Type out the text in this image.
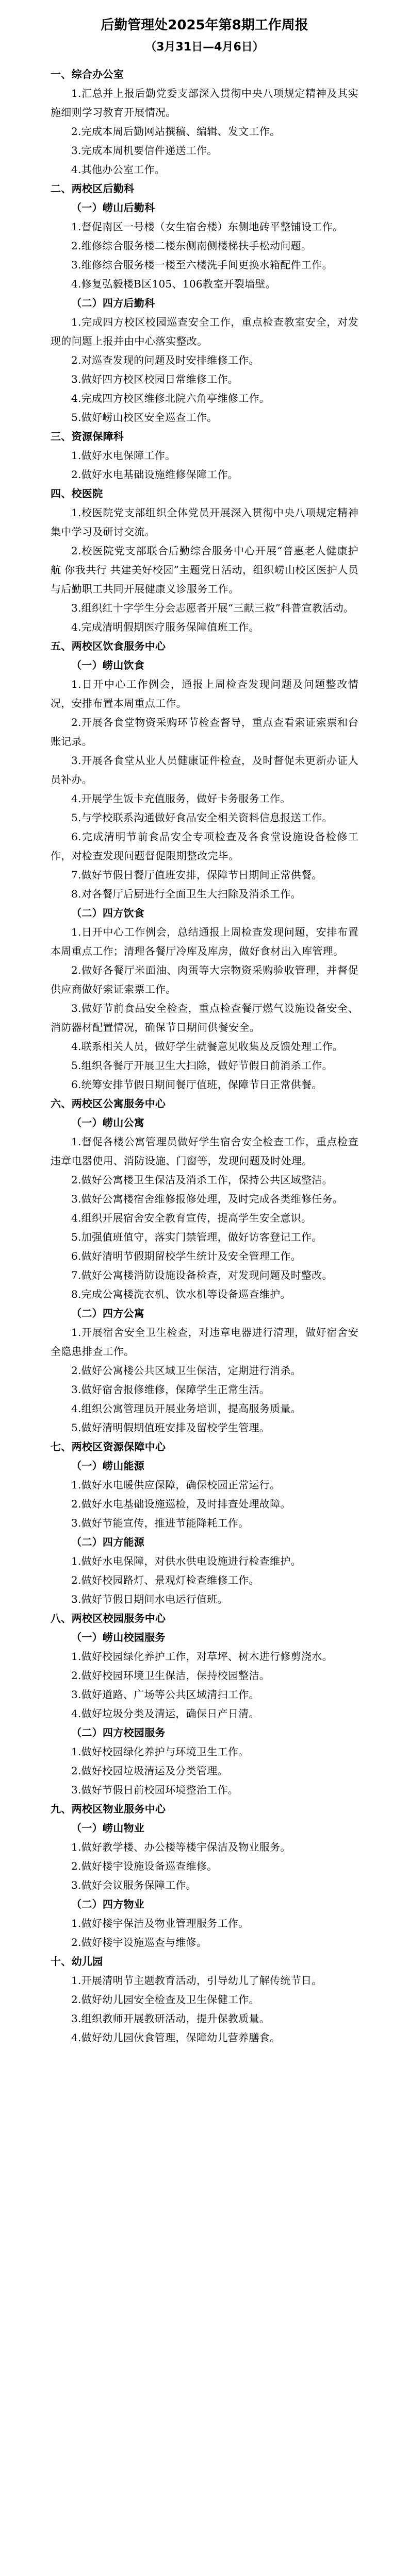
后勤管理处2025年第8期工作周报
（3月31日—4月6日）

一、综合办公室

1.汇总并上报后勤党委支部深入贯彻中央八项规定精神及其实施细则学习教育开展情况。

2.完成本周后勤网站撰稿、编辑、发文工作。

3.完成本周机要信件递送工作。

4.其他办公室工作。

二、两校区后勤科

（一）崂山后勤科

1.督促南区一号楼（女生宿舍楼）东侧地砖平整铺设工作。

2.维修综合服务楼二楼东侧南侧楼梯扶手松动问题。

3.维修综合服务楼一楼至六楼洗手间更换水箱配件工作。

4.修复弘毅楼B区105、106教室开裂墙壁。

（二）四方后勤科

1.完成四方校区校园巡查安全工作，重点检查教室安全，对发现的问题上报并由中心落实整改。

2.对巡查发现的问题及时安排维修工作。

3.做好四方校区校园日常维修工作。

4.完成四方校区维修北院六角亭维修工作。

5.做好崂山校区安全巡查工作。

三、资源保障科

1.做好水电保障工作。

2.做好水电基础设施维修保障工作。

四、校医院

1.校医院党支部组织全体党员开展深入贯彻中央八项规定精神集中学习及研讨交流。

2.校医院党支部联合后勤综合服务中心开展“普惠老人健康护航 你我共行 共建美好校园”主题党日活动，组织崂山校区医护人员与后勤职工共同开展健康义诊服务工作。

3.组织红十字学生分会志愿者开展“三献三救”科普宣教活动。

4.完成清明假期医疗服务保障值班工作。

五、两校区饮食服务中心

（一）崂山饮食

1.日开中心工作例会，通报上周检查发现问题及问题整改情况，安排布置本周重点工作。

2.开展各食堂物资采购环节检查督导，重点查看索证索票和台账记录。

3.开展各食堂从业人员健康证件检查，及时督促未更新办证人员补办。

4.开展学生饭卡充值服务，做好卡务服务工作。

5.与学校联系沟通做好食品安全相关资料信息报送工作。

6.完成清明节前食品安全专项检查及各食堂设施设备检修工作，对检查发现问题督促限期整改完毕。

7.做好节假日餐厅值班安排，保障节日期间正常供餐。

8.对各餐厅后厨进行全面卫生大扫除及消杀工作。

（二）四方饮食

1.日开中心工作例会，总结通报上周检查发现问题，安排布置本周重点工作；清理各餐厅冷库及库房，做好食材出入库管理。

2.做好各餐厅米面油、肉蛋等大宗物资采购验收管理，并督促供应商做好索证索票工作。

3.做好节前食品安全检查，重点检查餐厅燃气设施设备安全、消防器材配置情况，确保节日期间供餐安全。

4.联系相关人员，做好学生就餐意见收集及反馈处理工作。

5.组织各餐厅开展卫生大扫除，做好节假日前消杀工作。

6.统筹安排节假日期间餐厅值班，保障节日正常供餐。

六、两校区公寓服务中心

（一）崂山公寓

1.督促各楼公寓管理员做好学生宿舍安全检查工作，重点检查违章电器使用、消防设施、门窗等，发现问题及时处理。

2.做好公寓楼卫生保洁及消杀工作，保持公共区域整洁。

3.做好公寓楼宿舍维修报修处理，及时完成各类维修任务。

4.组织开展宿舍安全教育宣传，提高学生安全意识。

5.加强值班值守，落实门禁管理，做好访客登记工作。

6.做好清明节假期留校学生统计及安全管理工作。

7.做好公寓楼消防设施设备检查，对发现问题及时整改。

8.完成公寓楼洗衣机、饮水机等设备巡查维护。

（二）四方公寓

1.开展宿舍安全卫生检查，对违章电器进行清理，做好宿舍安全隐患排查工作。

2.做好公寓楼公共区域卫生保洁，定期进行消杀。

3.做好宿舍报修维修，保障学生正常生活。

4.组织公寓管理员开展业务培训，提高服务质量。

5.做好清明假期值班安排及留校学生管理。

七、两校区资源保障中心

（一）崂山能源

1.做好水电暖供应保障，确保校园正常运行。

2.做好水电基础设施巡检，及时排查处理故障。

3.做好节能宣传，推进节能降耗工作。

（二）四方能源

1.做好水电保障，对供水供电设施进行检查维护。

2.做好校园路灯、景观灯检查维修工作。

3.做好节假日期间水电运行值班。

八、两校区校园服务中心

（一）崂山校园服务

1.做好校园绿化养护工作，对草坪、树木进行修剪浇水。

2.做好校园环境卫生保洁，保持校园整洁。

3.做好道路、广场等公共区域清扫工作。

4.做好垃圾分类及清运，确保日产日清。

（二）四方校园服务

1.做好校园绿化养护与环境卫生工作。

2.做好校园垃圾清运及分类管理。

3.做好节假日前校园环境整治工作。

九、两校区物业服务中心

（一）崂山物业

1.做好教学楼、办公楼等楼宇保洁及物业服务。

2.做好楼宇设施设备巡查维修。

3.做好会议服务保障工作。

（二）四方物业

1.做好楼宇保洁及物业管理服务工作。

2.做好楼宇设施巡查与维修。

十、幼儿园

1.开展清明节主题教育活动，引导幼儿了解传统节日。

2.做好幼儿园安全检查及卫生保健工作。

3.组织教师开展教研活动，提升保教质量。

4.做好幼儿园伙食管理，保障幼儿营养膳食。
